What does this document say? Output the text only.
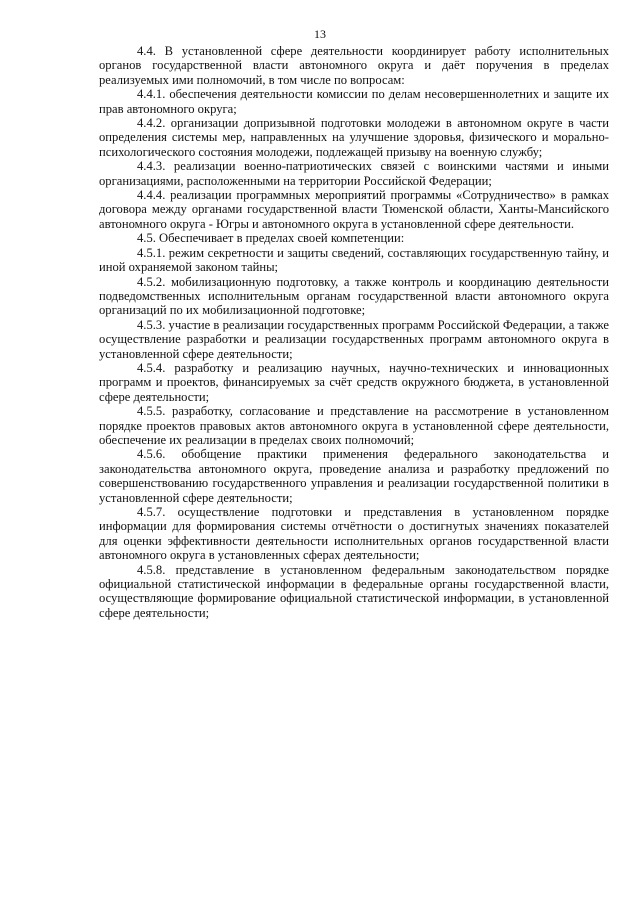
13

4.4. В установленной сфере деятельности координирует работу исполнительных органов государственной власти автономного округа и даёт поручения в пределах реализуемых ими полномочий, в том числе по вопросам:

4.4.1. обеспечения деятельности комиссии по делам несовершеннолетних и защите их прав автономного округа;

4.4.2. организации допризывной подготовки молодежи в автономном округе в части определения системы мер, направленных на улучшение здоровья, физического и морально-психологического состояния молодежи, подлежащей призыву на военную службу;

4.4.3. реализации военно-патриотических связей с воинскими частями и иными организациями, расположенными на территории Российской Федерации;

4.4.4. реализации программных мероприятий программы «Сотрудничество» в рамках договора между органами государственной власти Тюменской области, Ханты-Мансийского автономного округа - Югры и автономного округа в установленной сфере деятельности.

4.5. Обеспечивает в пределах своей компетенции:

4.5.1. режим секретности и защиты сведений, составляющих государственную тайну, и иной охраняемой законом тайны;

4.5.2. мобилизационную подготовку, а также контроль и координацию деятельности подведомственных исполнительным органам государственной власти автономного округа организаций по их мобилизационной подготовке;

4.5.3. участие в реализации государственных программ Российской Федерации, а также осуществление разработки и реализации государственных программ автономного округа в установленной сфере деятельности;

4.5.4. разработку и реализацию научных, научно-технических и инновационных программ и проектов, финансируемых за счёт средств окружного бюджета, в установленной сфере деятельности;

4.5.5. разработку, согласование и представление на рассмотрение в установленном порядке проектов правовых актов автономного округа в установленной сфере деятельности, обеспечение их реализации в пределах своих полномочий;

4.5.6. обобщение практики применения федерального законодательства и законодательства автономного округа, проведение анализа и разработку предложений по совершенствованию государственного управления и реализации государственной политики в установленной сфере деятельности;

4.5.7. осуществление подготовки и представления в установленном порядке информации для формирования системы отчётности о достигнутых значениях показателей для оценки эффективности деятельности исполнительных органов государственной власти автономного округа в установленных сферах деятельности;

4.5.8. представление в установленном федеральным законодательством порядке официальной статистической информации в федеральные органы государственной власти, осуществляющие формирование официальной статистической информации, в установленной сфере деятельности;
